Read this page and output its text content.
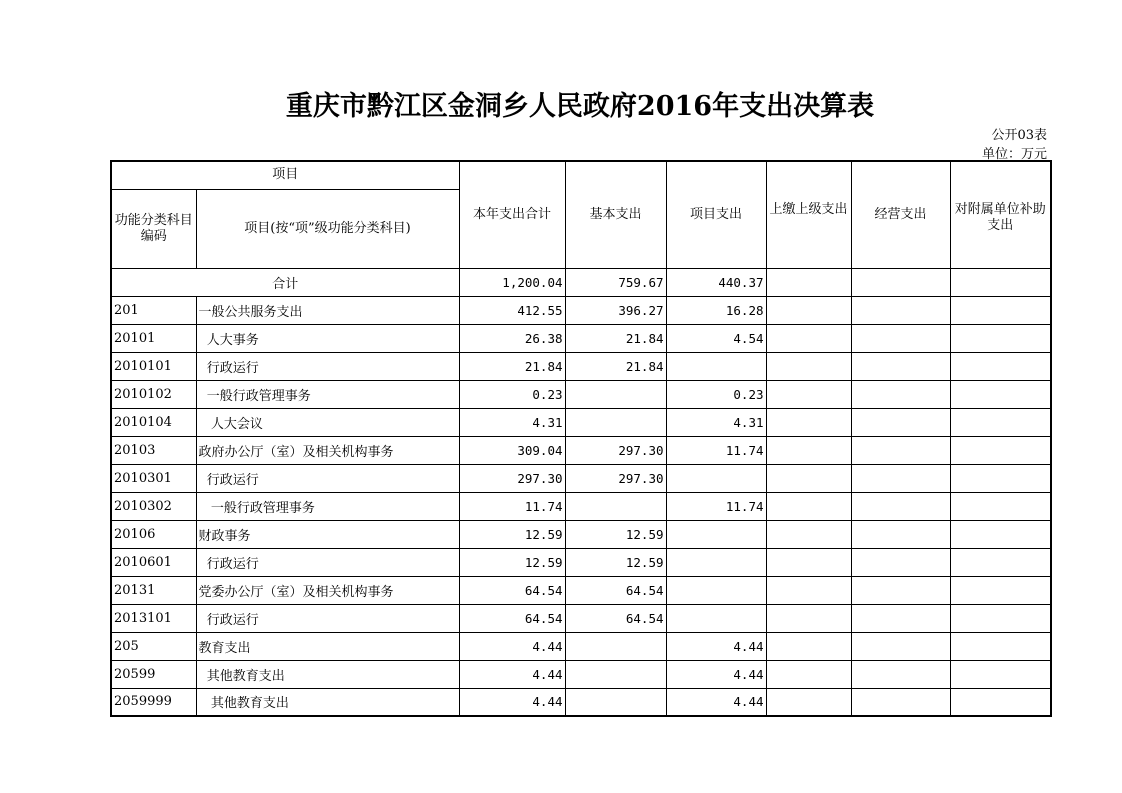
重庆市黔江区金洞乡人民政府2016年支出决算表
公开03表
单位：万元
项目		本年支出合计	基本支出	项目支出	上缴上级支出	经营支出	对附属单位补助支出
功能分类科目编码	项目(按“项”级功能分类科目)						
合计		1,200.04	759.67	440.37			
201	一般公共服务支出	412.55	396.27	16.28			
20101	人大事务	26.38	21.84	4.54			
2010101	行政运行	21.84	21.84				
2010102	一般行政管理事务	0.23		0.23			
2010104	人大会议	4.31		4.31			
20103	政府办公厅（室）及相关机构事务	309.04	297.30	11.74			
2010301	行政运行	297.30	297.30				
2010302	一般行政管理事务	11.74		11.74			
20106	财政事务	12.59	12.59				
2010601	行政运行	12.59	12.59				
20131	党委办公厅（室）及相关机构事务	64.54	64.54				
2013101	行政运行	64.54	64.54				
205	教育支出	4.44		4.44			
20599	其他教育支出	4.44		4.44			
2059999	其他教育支出	4.44		4.44			
